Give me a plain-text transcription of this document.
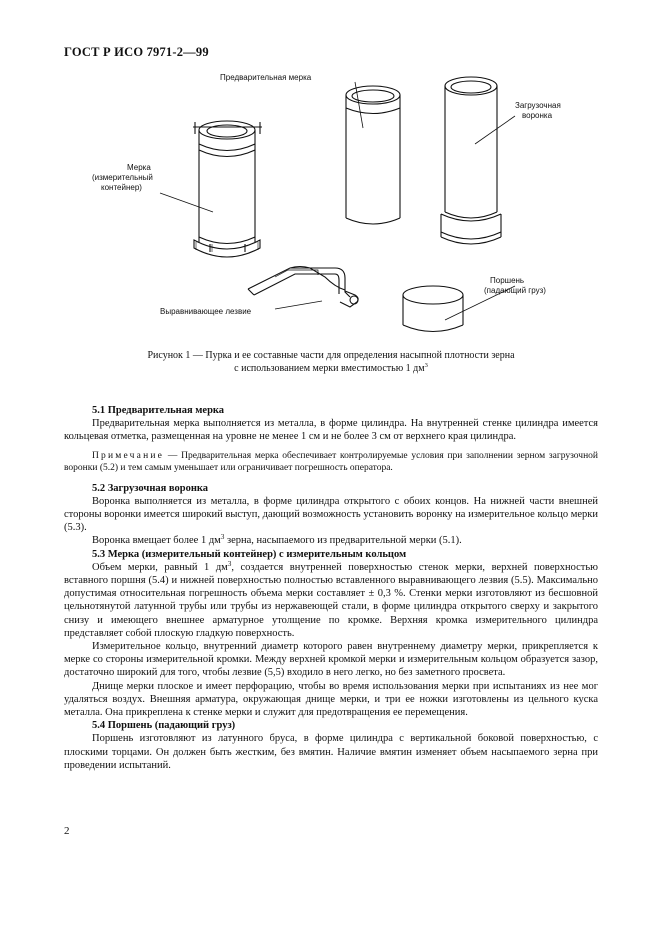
ГОСТ Р ИСО 7971-2—99
Мерка
(измерительный
контейнер)
Предварительная мерка
Загрузочная
воронка
Выравнивающее лезвие
Поршень
(падающий груз)
Рисунок 1 — Пурка и ее составные части для определения насыпной плотности зерна
с использованием мерки вместимостью 1 $дм^3$

5.1 Предварительная мерка

Предварительная мерка выполняется из металла, в форме цилиндра. На внутренней стенке цилиндра имеется кольцевая отметка, размещенная на уровне не менее 1 см и не более 3 см от верхнего края цилиндра.

Примечание — Предварительная мерка обеспечивает контролируемые условия при заполнении зерном загрузочной воронки (5.2) и тем самым уменьшает или ограничивает погрешность оператора.

5.2 Загрузочная воронка

Воронка выполняется из металла, в форме цилиндра открытого с обоих концов. На нижней части внешней стороны воронки имеется широкий выступ, дающий возможность установить воронку на измерительное кольцо мерки (5.3).

Воронка вмещает более 1 $дм^3$ зерна, насыпаемого из предварительной мерки (5.1).

5.3 Мерка (измерительный контейнер) с измерительным кольцом

Объем мерки, равный 1 $дм^3$, создается внутренней поверхностью стенок мерки, верхней поверхностью вставного поршня (5.4) и нижней поверхностью полностью вставленного выравнивающего лезвия (5.5). Максимально допустимая относительная погрешность объема мерки составляет ± 0,3 %. Стенки мерки изготовляют из бесшовной цельнотянутой латунной трубы или трубы из нержавеющей стали, в форме цилиндра открытого сверху и закрытого снизу и имеющего внешнее арматурное утолщение по кромке. Верхняя кромка измерительного цилиндра представляет собой плоскую гладкую поверхность.

Измерительное кольцо, внутренний диаметр которого равен внутреннему диаметру мерки, прикрепляется к мерке со стороны измерительной кромки. Между верхней кромкой мерки и измерительным кольцом образуется зазор, достаточно широкий для того, чтобы лезвие (5,5) входило в него легко, но без заметного просвета.

Днище мерки плоское и имеет перфорацию, чтобы во время использования мерки при испытаниях из нее мог удаляться воздух. Внешняя арматура, окружающая днище мерки, и три ее ножки изготовлены из цельного куска металла. Она прикреплена к стенке мерки и служит для предотвращения ее перемещения.

5.4 Поршень (падающий груз)

Поршень изготовляют из латунного бруса, в форме цилиндра с вертикальной боковой поверхностью, с плоскими торцами. Он должен быть жестким, без вмятин. Наличие вмятин изменяет объем насыпаемого зерна при проведении испытаний.

2
